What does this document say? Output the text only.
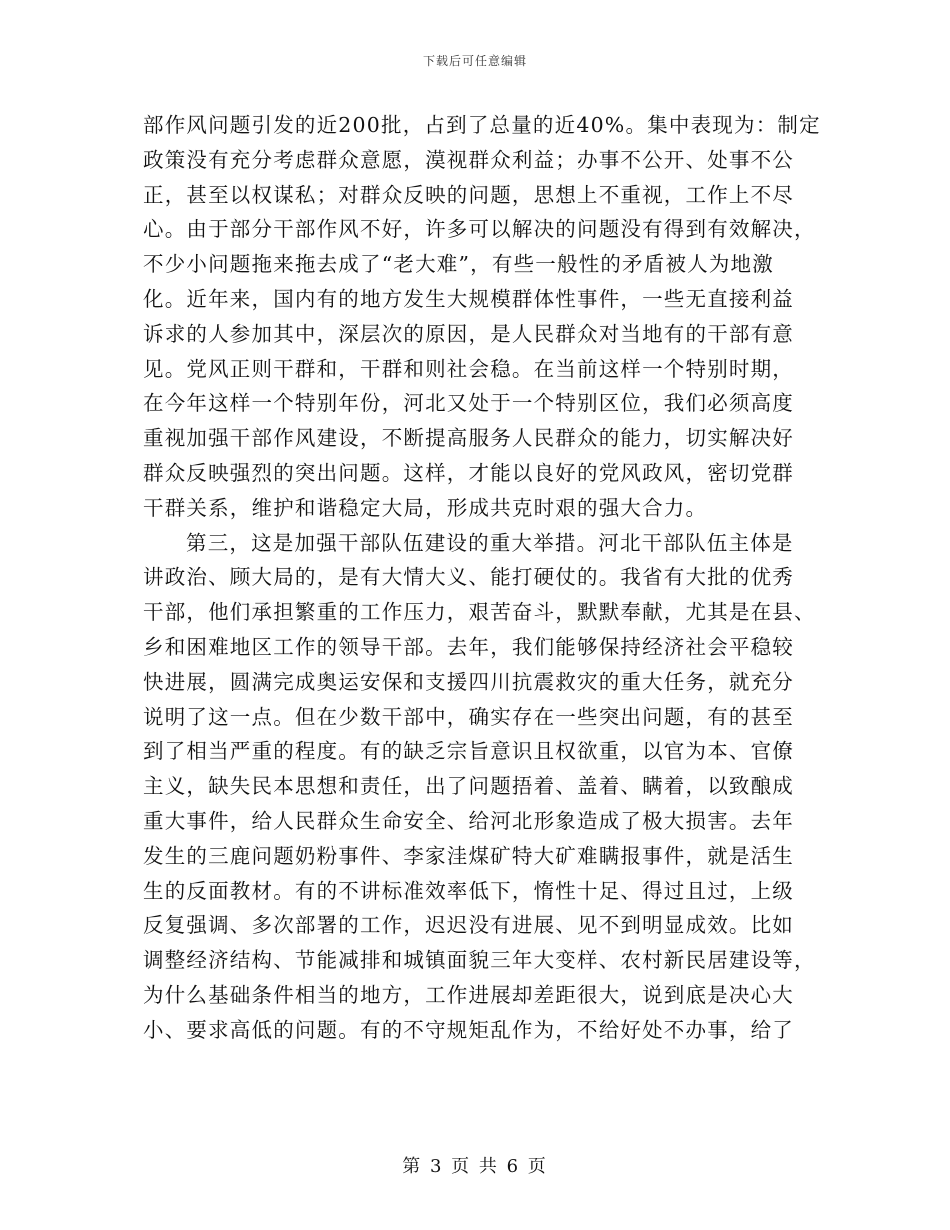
下载后可任意编辑
部作风问题引发的近200批，占到了总量的近40%。集中表现为：制定
政策没有充分考虑群众意愿，漠视群众利益；办事不公开、处事不公
正，甚至以权谋私；对群众反映的问题，思想上不重视，工作上不尽
心。由于部分干部作风不好，许多可以解决的问题没有得到有效解决，
不少小问题拖来拖去成了“老大难”，有些一般性的矛盾被人为地激
化。近年来，国内有的地方发生大规模群体性事件，一些无直接利益
诉求的人参加其中，深层次的原因，是人民群众对当地有的干部有意
见。党风正则干群和，干群和则社会稳。在当前这样一个特别时期，
在今年这样一个特别年份，河北又处于一个特别区位，我们必须高度
重视加强干部作风建设，不断提高服务人民群众的能力，切实解决好
群众反映强烈的突出问题。这样，才能以良好的党风政风，密切党群
干群关系，维护和谐稳定大局，形成共克时艰的强大合力。
第三，这是加强干部队伍建设的重大举措。河北干部队伍主体是
讲政治、顾大局的，是有大情大义、能打硬仗的。我省有大批的优秀
干部，他们承担繁重的工作压力，艰苦奋斗，默默奉献，尤其是在县、
乡和困难地区工作的领导干部。去年，我们能够保持经济社会平稳较
快进展，圆满完成奥运安保和支援四川抗震救灾的重大任务，就充分
说明了这一点。但在少数干部中，确实存在一些突出问题，有的甚至
到了相当严重的程度。有的缺乏宗旨意识且权欲重，以官为本、官僚
主义，缺失民本思想和责任，出了问题捂着、盖着、瞒着，以致酿成
重大事件，给人民群众生命安全、给河北形象造成了极大损害。去年
发生的三鹿问题奶粉事件、李家洼煤矿特大矿难瞒报事件，就是活生
生的反面教材。有的不讲标准效率低下，惰性十足、得过且过，上级
反复强调、多次部署的工作，迟迟没有进展、见不到明显成效。比如
调整经济结构、节能减排和城镇面貌三年大变样、农村新民居建设等，
为什么基础条件相当的地方，工作进展却差距很大，说到底是决心大
小、要求高低的问题。有的不守规矩乱作为，不给好处不办事，给了
第 3 页 共 6 页
